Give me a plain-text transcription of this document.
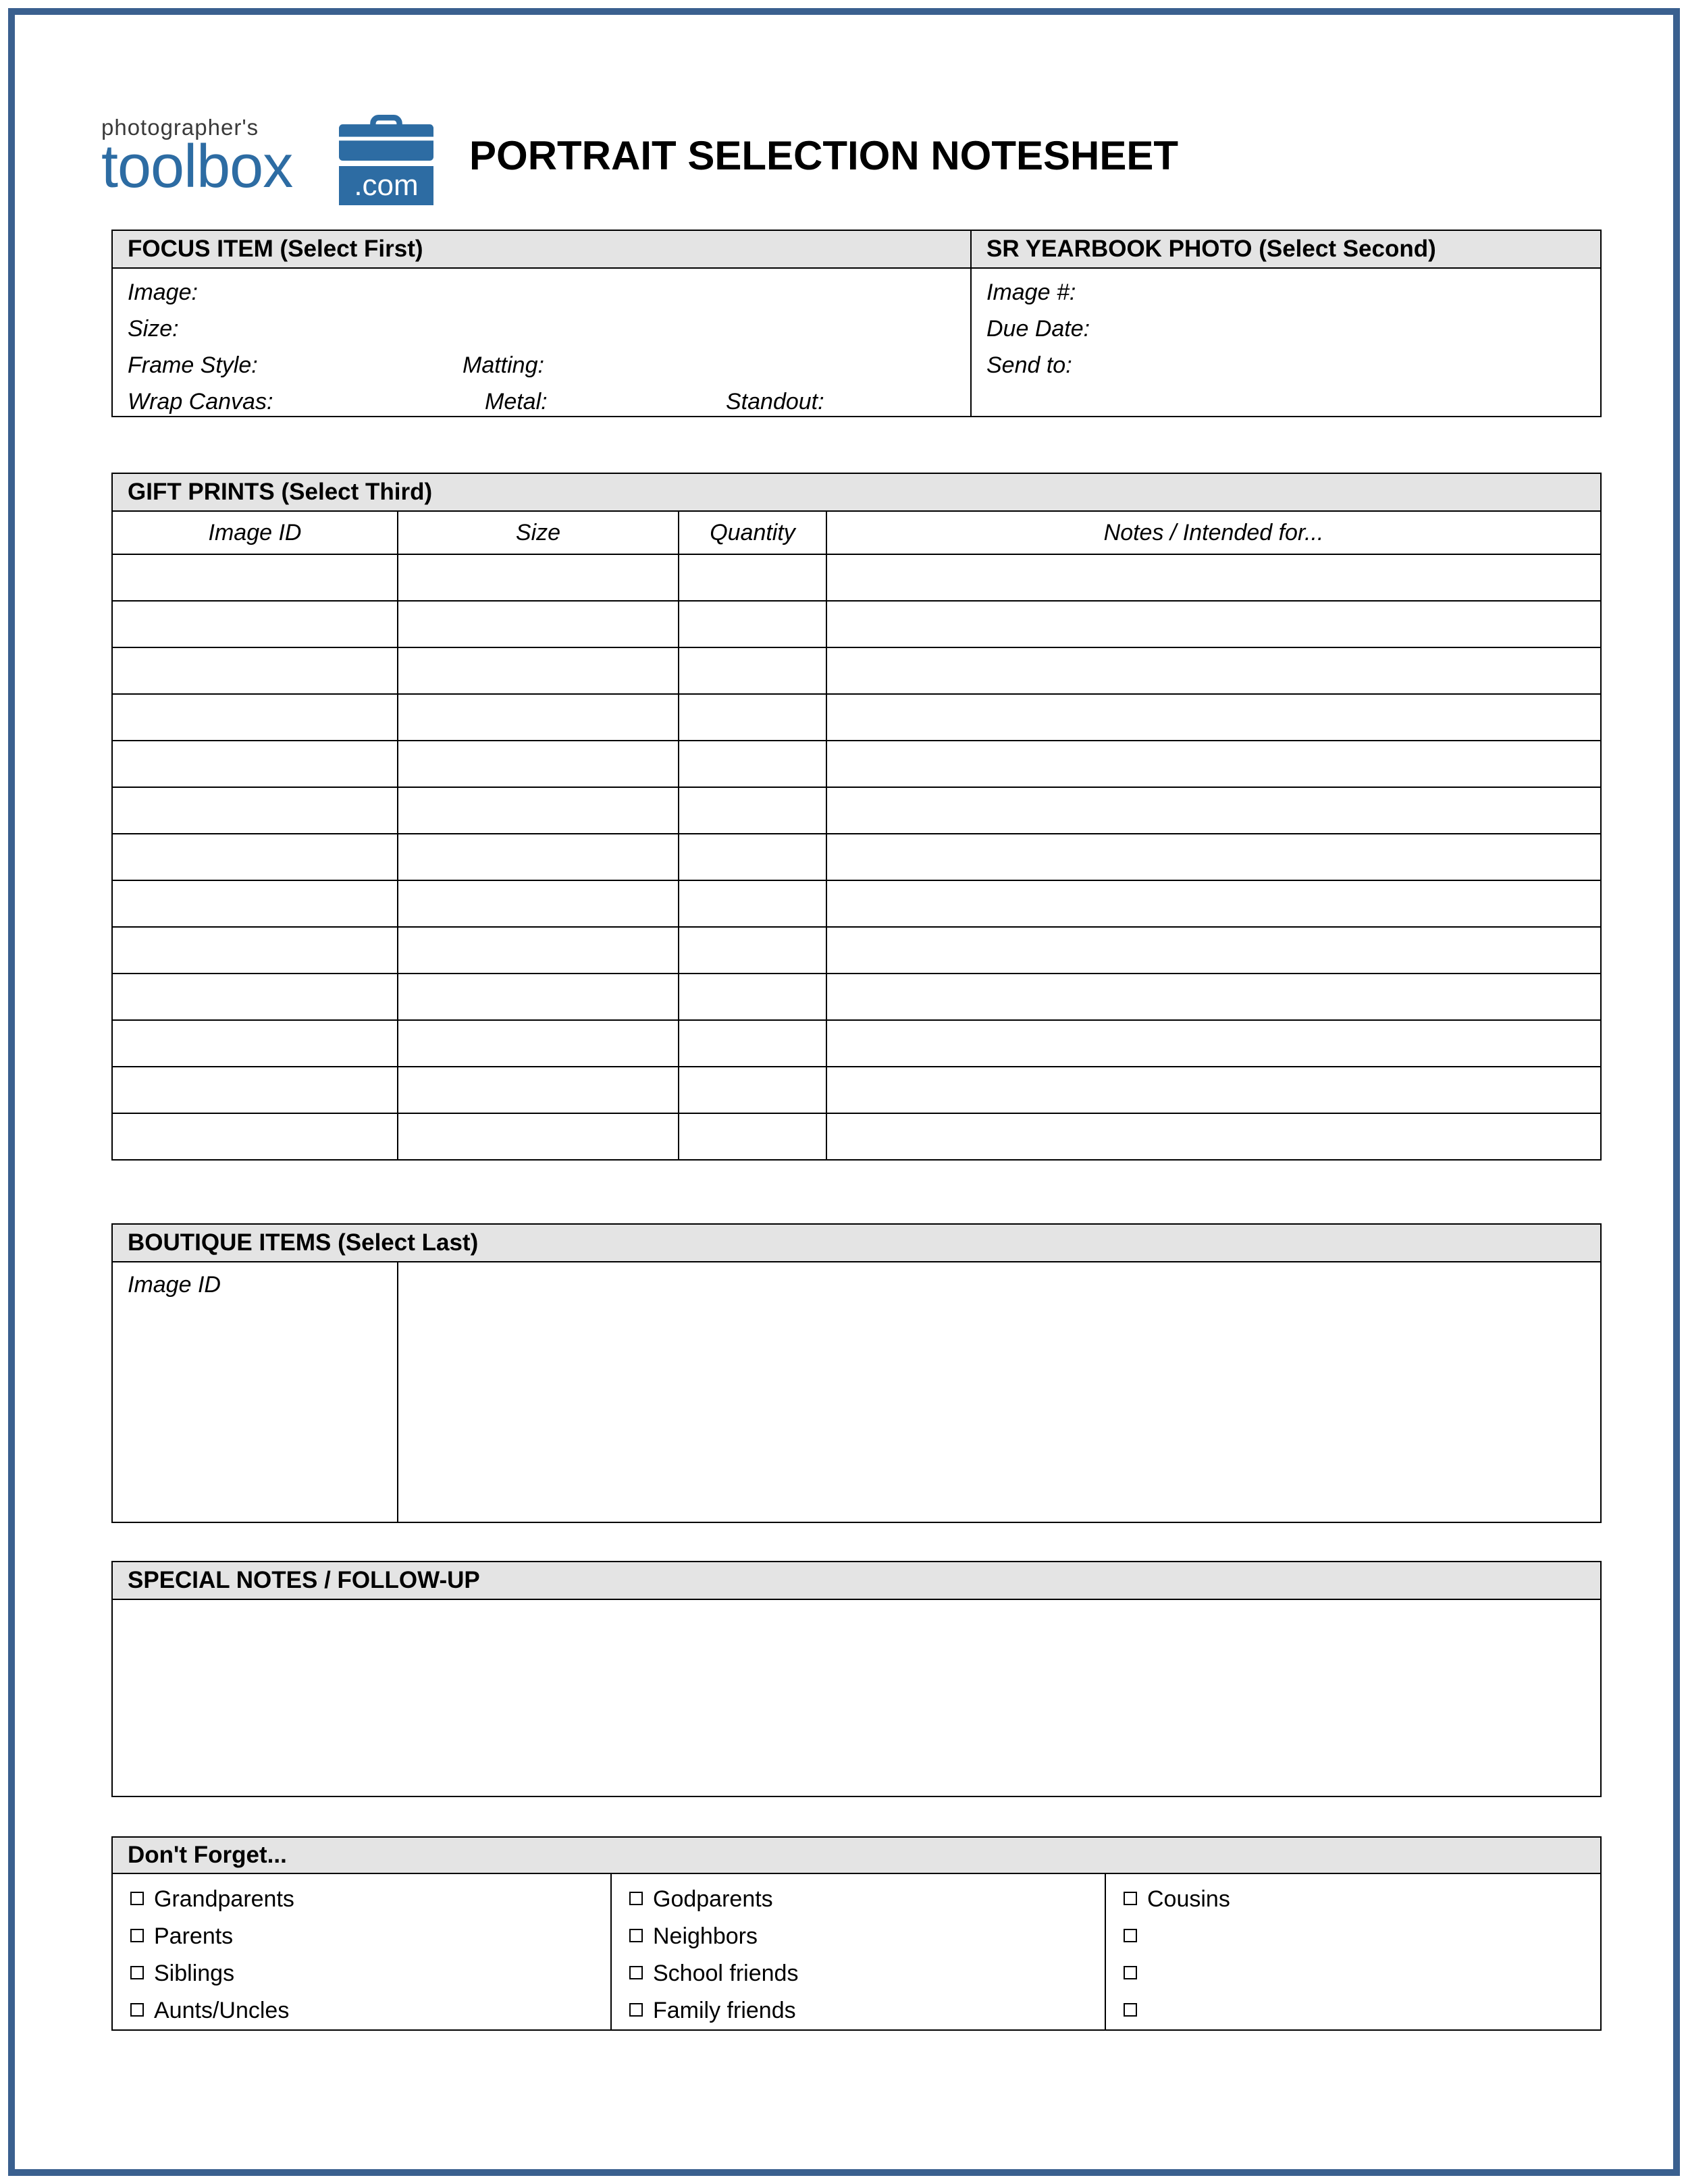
photographer's
toolbox	.com
PORTRAIT SELECTION NOTESHEET
FOCUS ITEM (Select First)
Image:
Size:
Frame Style:	Matting:
Wrap Canvas:	Metal:	Standout:
SR YEARBOOK PHOTO (Select Second)
Image #:
Due Date:
Send to:
GIFT PRINTS (Select Third)
Image ID	Size	Quantity	Notes / Intended for...
BOUTIQUE ITEMS (Select Last)
Image ID
SPECIAL NOTES / FOLLOW-UP
Don't Forget...
Grandparents
Parents
Siblings
Aunts/Uncles
Godparents
Neighbors
School friends
Family friends
Cousins
